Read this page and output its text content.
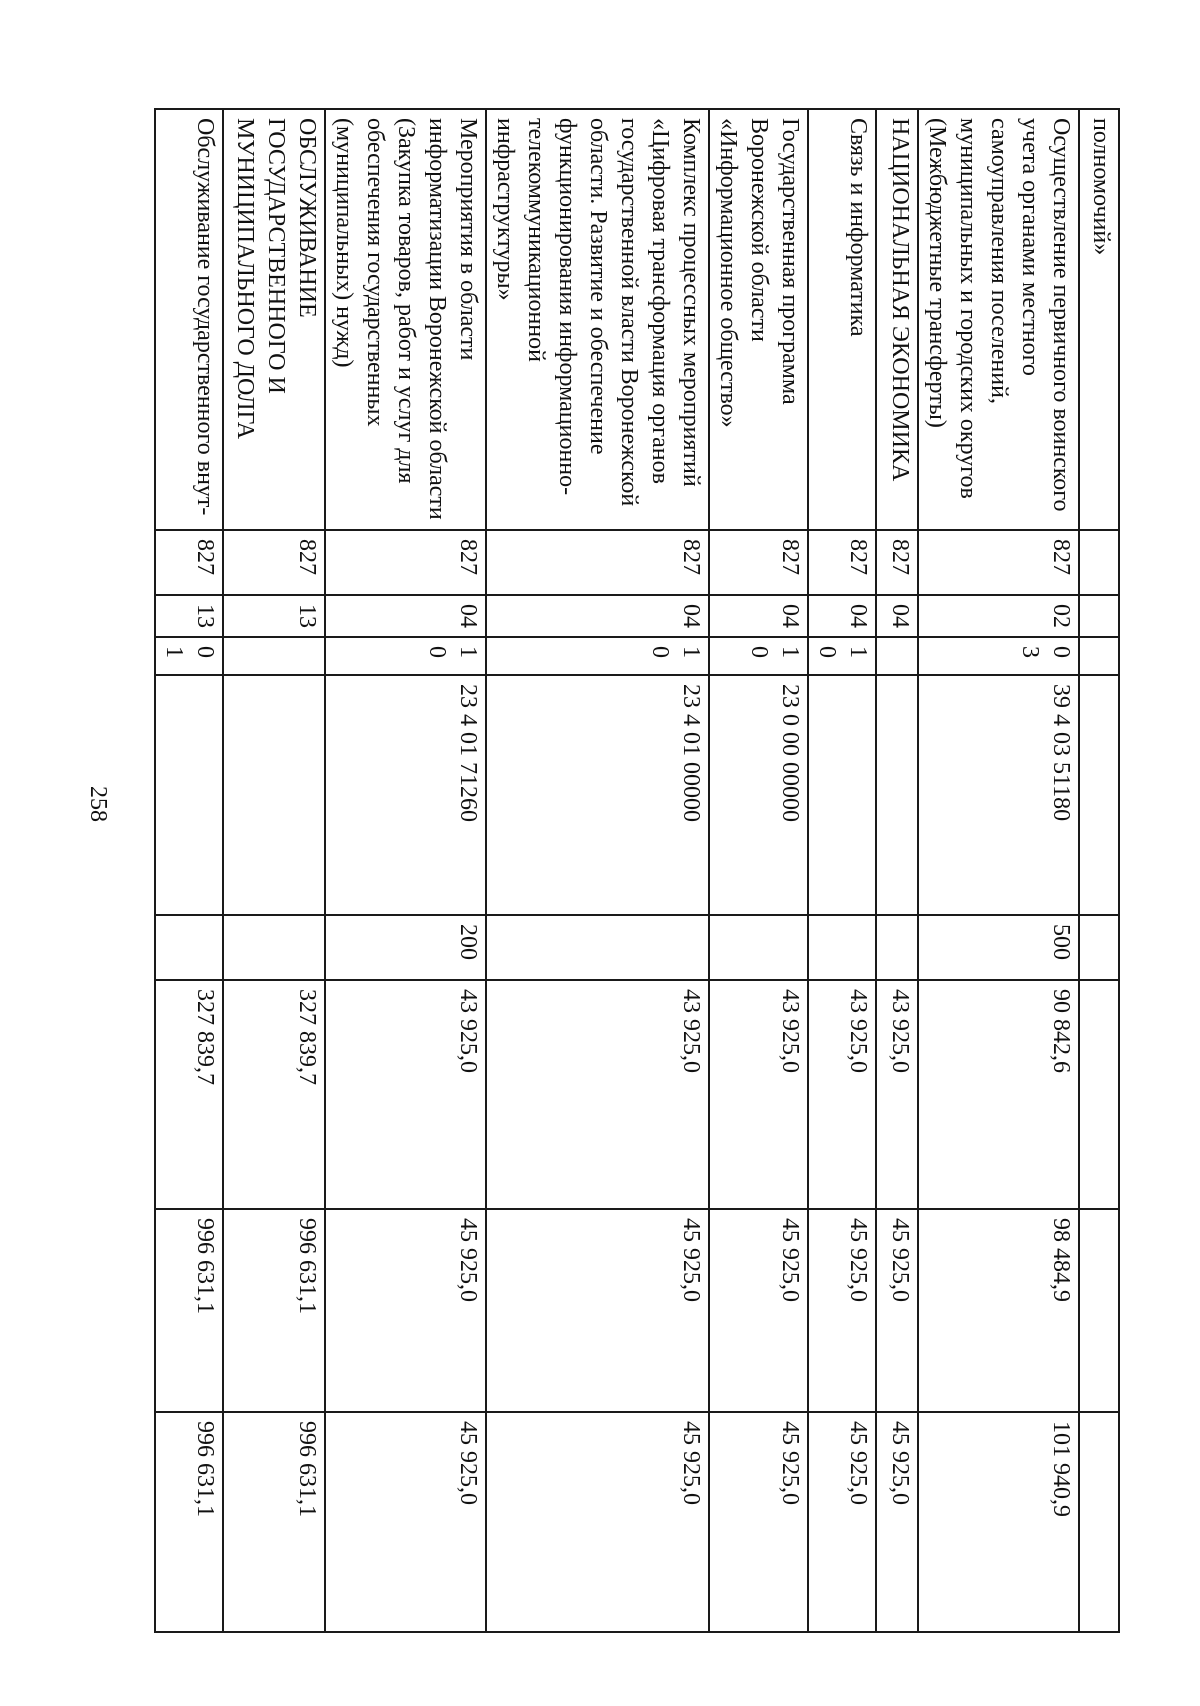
258
полномочий»								
Осуществление первичного воинского учета органами местного самоуправления поселений, муниципальных и городских округов (Межбюджетные трансферты)	827	02	03	39 4 03 51180	500	90 842,6	98 484,9	101 940,9
НАЦИОНАЛЬНАЯ ЭКОНОМИКА	827	04				43 925,0	45 925,0	45 925,0
Связь и информатика	827	04	10			43 925,0	45 925,0	45 925,0
Государственная программа Воронежской области «Информационное общество»	827	04	10	23 0 00 00000		43 925,0	45 925,0	45 925,0
Комплекс процессных мероприятий «Цифровая трансформация органов государственной власти Воронежской области. Развитие и обеспечение функционирования информационно-телекоммуникационной инфраструктуры»	827	04	10	23 4 01 00000		43 925,0	45 925,0	45 925,0
Мероприятия в области информатизации Воронежской области (Закупка товаров, работ и услуг для обеспечения государственных (муниципальных) нужд)	827	04	10	23 4 01 71260	200	43 925,0	45 925,0	45 925,0
ОБСЛУЖИВАНИЕ ГОСУДАРСТВЕННОГО И МУНИЦИПАЛЬНОГО ДОЛГА	827	13				327 839,7	996 631,1	996 631,1
Обслуживание государственного внут-	827	13	01			327 839,7	996 631,1	996 631,1
